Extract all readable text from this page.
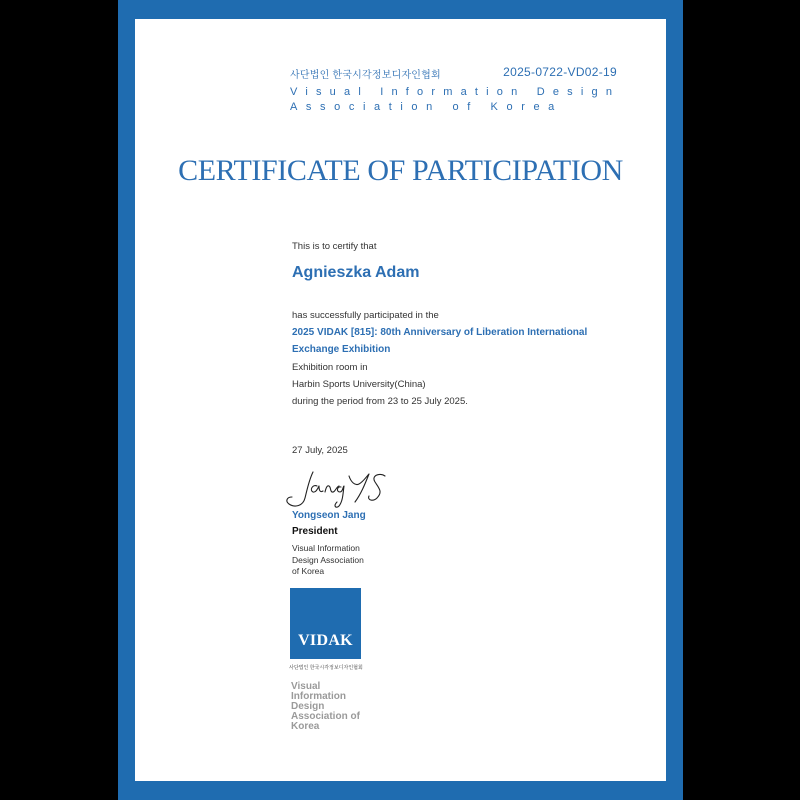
사단법인 한국시각정보디자인협회	2025-0722-VD02-19
Visual Information Design
Association of Korea
CERTIFICATE OF PARTICIPATION
This is to certify that
Agnieszka Adam
has successfully participated in the
2025 VIDAK [815]: 80th Anniversary of Liberation International
Exchange Exhibition
Exhibition room in
Harbin Sports University(China)
during the period from 23 to 25 July 2025.
27 July, 2025
Yongseon Jang
President
Visual Information
Design Association
of Korea
VIDAK
사단법인 한국시각정보디자인협회
Visual
Information
Design
Association of
Korea
